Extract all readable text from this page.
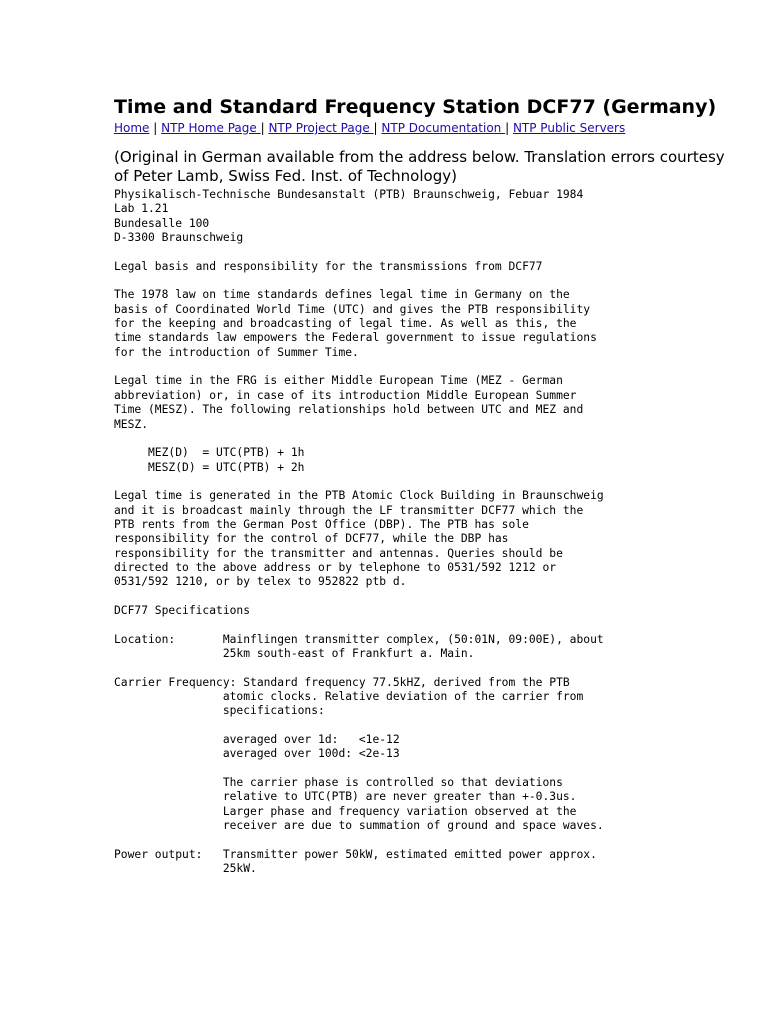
Time and Standard Frequency Station DCF77 (Germany)
Home | NTP Home Page | NTP Project Page | NTP Documentation | NTP Public Servers
(Original in German available from the address below. Translation errors courtesy of Peter Lamb, Swiss Fed. Inst. of Technology)
Physikalisch-Technische Bundesanstalt (PTB) Braunschweig, Febuar 1984
Lab 1.21
Bundesalle 100
D-3300 Braunschweig

Legal basis and responsibility for the transmissions from DCF77

The 1978 law on time standards defines legal time in Germany on the
basis of Coordinated World Time (UTC) and gives the PTB responsibility
for the keeping and broadcasting of legal time. As well as this, the
time standards law empowers the Federal government to issue regulations
for the introduction of Summer Time.

Legal time in the FRG is either Middle European Time (MEZ - German
abbreviation) or, in case of its introduction Middle European Summer
Time (MESZ). The following relationships hold between UTC and MEZ and
MESZ.

MEZ(D)  = UTC(PTB) + 1h
MESZ(D) = UTC(PTB) + 2h

Legal time is generated in the PTB Atomic Clock Building in Braunschweig
and it is broadcast mainly through the LF transmitter DCF77 which the
PTB rents from the German Post Office (DBP). The PTB has sole
responsibility for the control of DCF77, while the DBP has
responsibility for the transmitter and antennas. Queries should be
directed to the above address or by telephone to 0531/592 1212 or
0531/592 1210, or by telex to 952822 ptb d.

DCF77 Specifications

Location:       Mainflingen transmitter complex, (50:01N, 09:00E), about
25km south-east of Frankfurt a. Main.

Carrier Frequency: Standard frequency 77.5kHZ, derived from the PTB
atomic clocks. Relative deviation of the carrier from
specifications:

averaged over 1d:   <1e-12
averaged over 100d: <2e-13

The carrier phase is controlled so that deviations
relative to UTC(PTB) are never greater than +-0.3us.
Larger phase and frequency variation observed at the
receiver are due to summation of ground and space waves.

Power output:   Transmitter power 50kW, estimated emitted power approx.
25kW.
